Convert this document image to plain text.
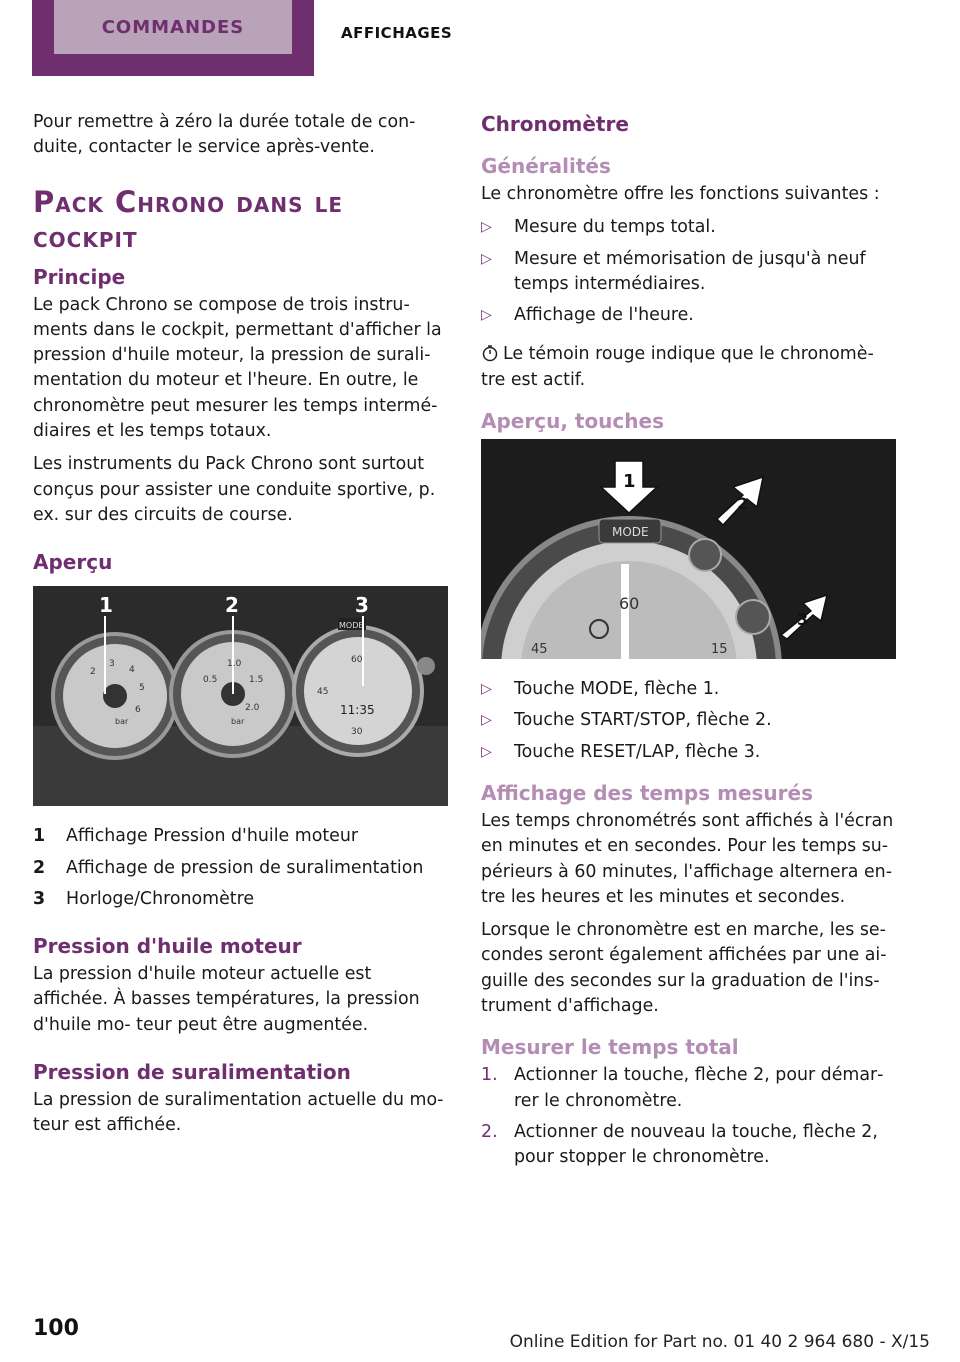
COMMANDES	AFFICHAGES

Pour remettre à zéro la durée totale de con‐ duite, contacter le service après-vente.

Pack Chrono dans le cockpit
Principe

Le pack Chrono se compose de trois instru‐ ments dans le cockpit, permettant d'afficher la pression d'huile moteur, la pression de surali‐ mentation du moteur et l'heure. En outre, le chronomètre peut mesurer les temps intermé‐ diaires et les temps totaux.

Les instruments du Pack Chrono sont surtout conçus pour assister une conduite sportive, p. ex. sur des circuits de course.

Aperçu
1	2	3
2
3
4
5
6
bar
0.5
1.0
1.5
2.0
bar
60
45
11:35
30
MODE
1 Affichage Pression d'huile moteur
2 Affichage de pression de suralimentation
3 Horloge/Chronomètre
Pression d'huile moteur

La pression d'huile moteur actuelle est affichée. À basses températures, la pression d'huile mo‐ teur peut être augmentée.

Pression de suralimentation

La pression de suralimentation actuelle du mo‐ teur est affichée.

Chronomètre
Généralités

Le chronomètre offre les fonctions suivantes :

▷ Mesure du temps total.
▷ Mesure et mémorisation de jusqu'à neuf temps intermédiaires.
▷ Affichage de l'heure.

Le témoin rouge indique que le chronomè‐ tre est actif.

Aperçu, touches
1
2
3
MODE
60
45	15
▷ Touche MODE, flèche 1.
▷ Touche START/STOP, flèche 2.
▷ Touche RESET/LAP, flèche 3.
Affichage des temps mesurés

Les temps chronométrés sont affichés à l'écran en minutes et en secondes. Pour les temps su‐ périeurs à 60 minutes, l'affichage alternera en‐ tre les heures et les minutes et secondes.

Lorsque le chronomètre est en marche, les se‐ condes seront également affichées par une ai‐ guille des secondes sur la graduation de l'ins‐ trument d'affichage.

Mesurer le temps total
1. Actionner la touche, flèche 2, pour démar‐ rer le chronomètre.
2. Actionner de nouveau la touche, flèche 2, pour stopper le chronomètre.
100
Online Edition for Part no. 01 40 2 964 680 - X/15
